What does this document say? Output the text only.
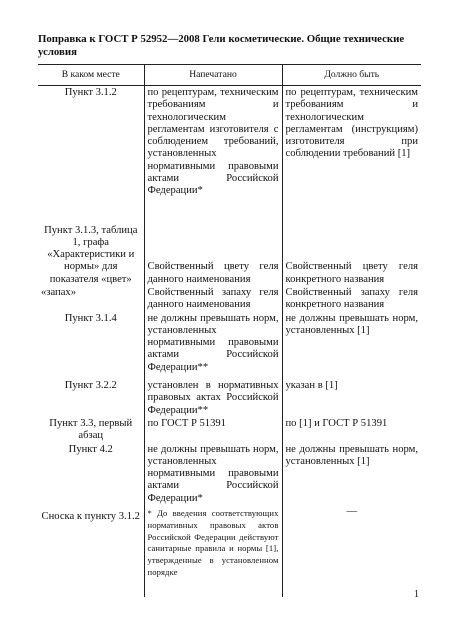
Поправка к ГОСТ Р 52952—2008 Гели косметические. Общие технические условия
В каком месте	Напечатано	Должно быть
Пункт 3.1.2	по рецептурам, техническим требованиям и технологическим регламентам изготовителя с соблюдением требований, установленных нормативными правовыми актами Российской Федерации*	по рецептурам, техническим требованиям и технологическим регламентам (инструкциям) изготовителя при соблюдении требований [1]
Пункт 3.1.3, таблица 1, графа «Характеристики и нормы» для показателя «цвет»	Свойственный цвету геля данного наименования	Свойственный цвету геля конкретного названия
«запах»	Свойственный запаху геля данного наименования	Свойственный запаху геля конкретного названия
Пункт 3.1.4	не должны превышать норм, установленных нормативными правовыми актами Российской Федерации**	не должны превышать норм, установленных [1]
Пункт 3.2.2	установлен в нормативных правовых актах Российской Федерации**	указан в [1]
Пункт 3.3, первый абзац	по ГОСТ Р 51391	по [1] и ГОСТ Р 51391
Пункт 4.2	не должны превышать норм, установленных нормативными правовыми актами Российской Федерации*	не должны превышать норм, установленных [1]
Сноска к пункту 3.1.2	* До введения соответствующих нормативных правовых актов Российской Федерации действуют санитарные правила и нормы [1], утвержденные в установленном порядке	—
1
